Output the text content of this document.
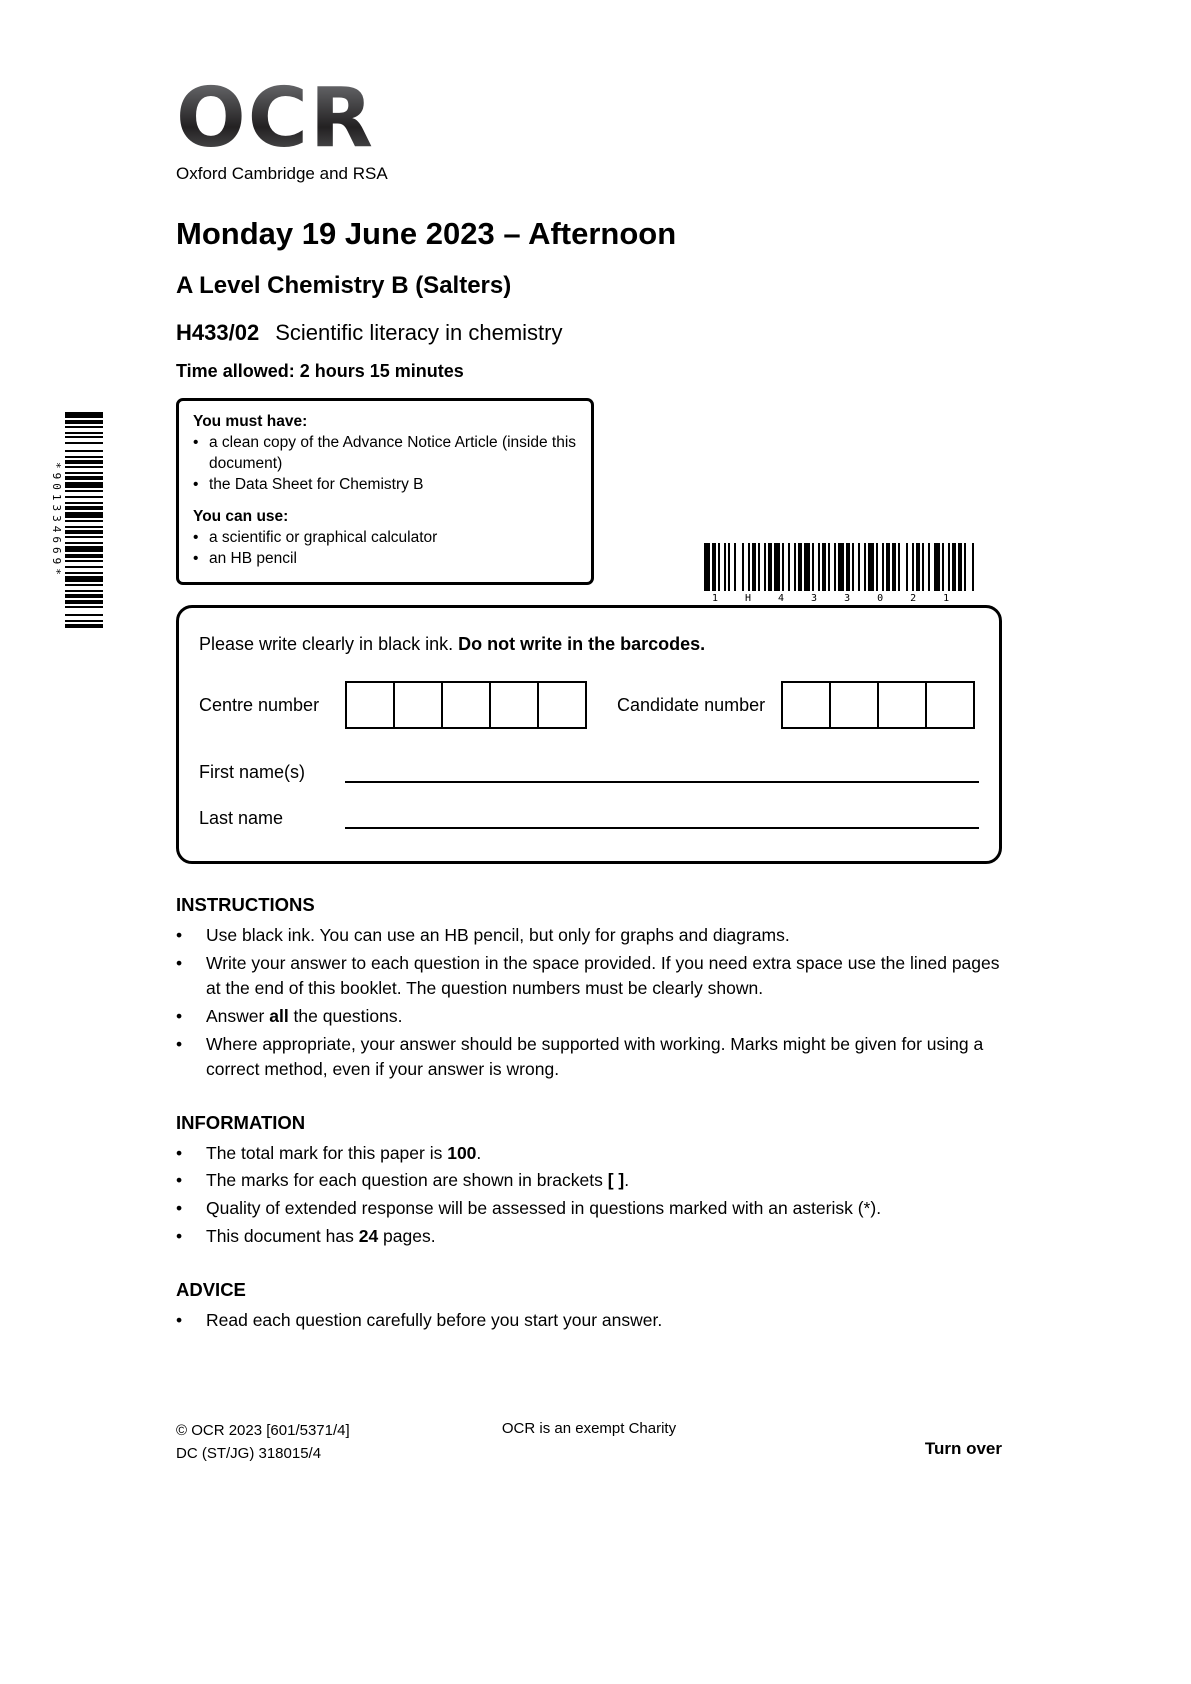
*901334669*
1H433021
OCR
Oxford Cambridge and RSA
Monday 19 June 2023 – Afternoon
A Level Chemistry B (Salters)
H433/02 Scientific literacy in chemistry
Time allowed: 2 hours 15 minutes
You must have:
•
a clean copy of the Advance Notice Article (inside this document)
•
the Data Sheet for Chemistry B
You can use:
•
a scientific or graphical calculator
•
an HB pencil
Please write clearly in black ink. Do not write in the barcodes.
Centre number	Candidate number
First name(s)
Last name
INSTRUCTIONS
•
Use black ink. You can use an HB pencil, but only for graphs and diagrams.
•
Write your answer to each question in the space provided. If you need extra space use the lined pages at the end of this booklet. The question numbers must be clearly shown.
•
Answer all the questions.
•
Where appropriate, your answer should be supported with working. Marks might be given for using a correct method, even if your answer is wrong.
INFORMATION
•
The total mark for this paper is 100.
•
The marks for each question are shown in brackets [ ].
•
Quality of extended response will be assessed in questions marked with an asterisk (*).
•
This document has 24 pages.
ADVICE
•
Read each question carefully before you start your answer.
© OCR 2023 [601/5371/4]
DC (ST/JG) 318015/4
OCR is an exempt Charity
Turn over
